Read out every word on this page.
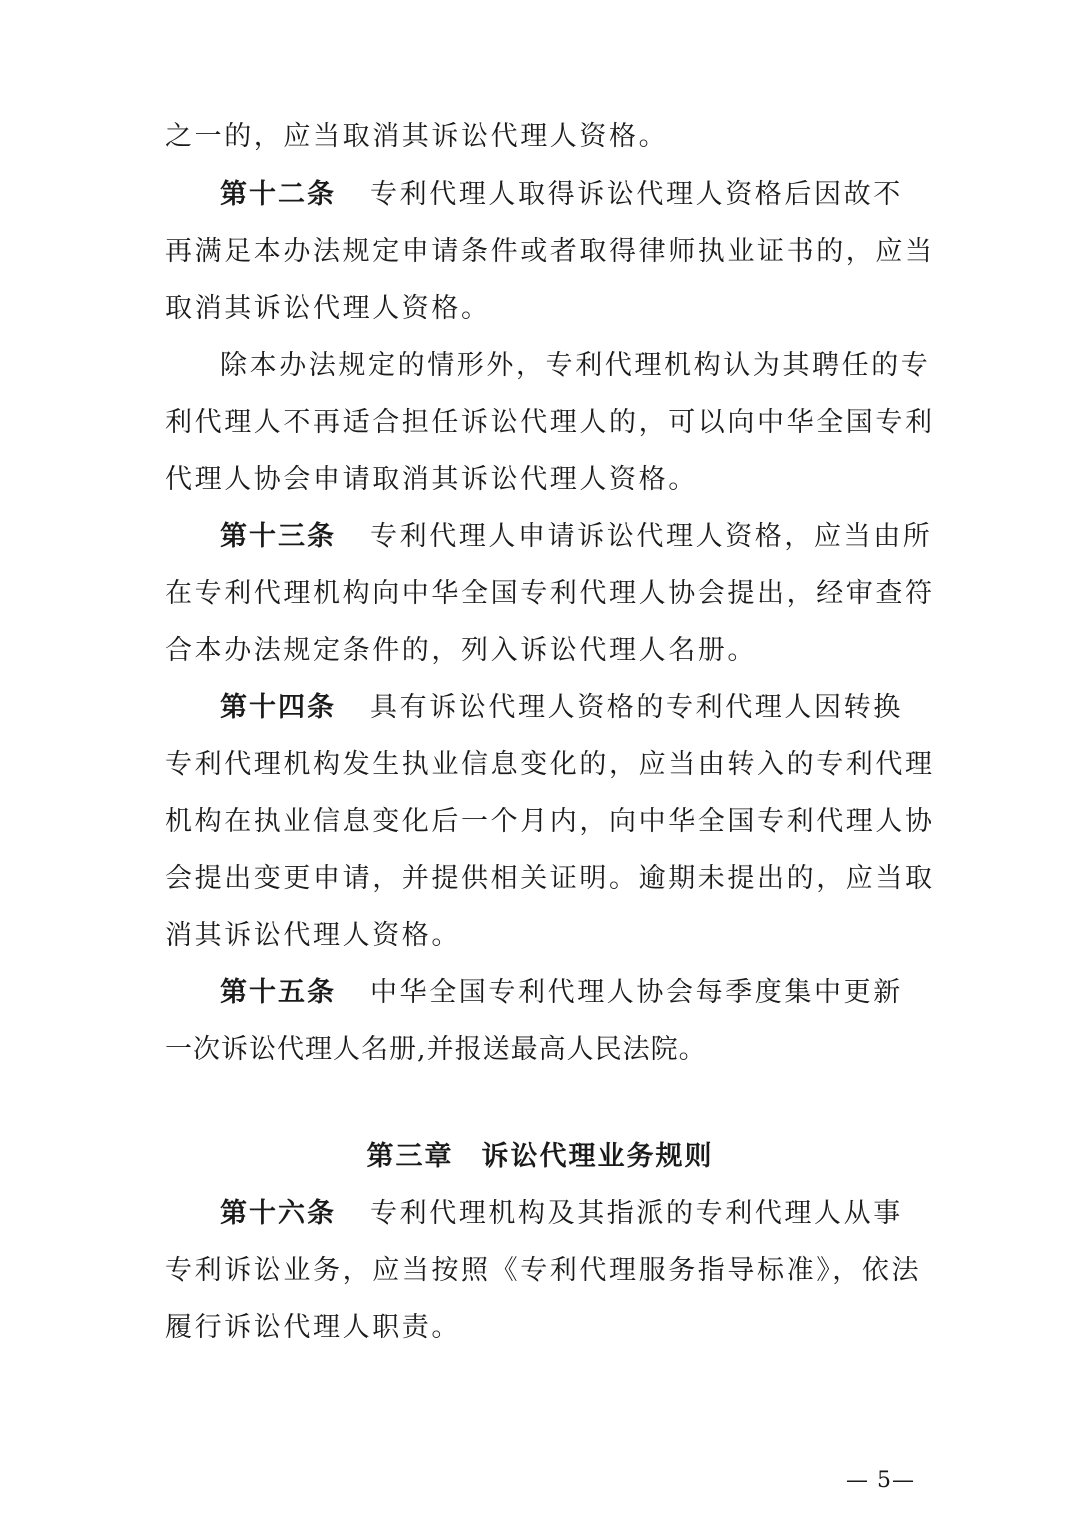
之一的，应当取消其诉讼代理人资格。
第十二条 专利代理人取得诉讼代理人资格后因故不
再满足本办法规定申请条件或者取得律师执业证书的，应当
取消其诉讼代理人资格。
除本办法规定的情形外，专利代理机构认为其聘任的专
利代理人不再适合担任诉讼代理人的，可以向中华全国专利
代理人协会申请取消其诉讼代理人资格。
第十三条 专利代理人申请诉讼代理人资格，应当由所
在专利代理机构向中华全国专利代理人协会提出，经审查符
合本办法规定条件的，列入诉讼代理人名册。
第十四条 具有诉讼代理人资格的专利代理人因转换
专利代理机构发生执业信息变化的，应当由转入的专利代理
机构在执业信息变化后一个月内，向中华全国专利代理人协
会提出变更申请，并提供相关证明。逾期未提出的，应当取
消其诉讼代理人资格。
第十五条 中华全国专利代理人协会每季度集中更新
一次诉讼代理人名册,并报送最高人民法院。
第三章 诉讼代理业务规则
第十六条 专利代理机构及其指派的专利代理人从事
专利诉讼业务，应当按照《专利代理服务指导标准》，依法
履行诉讼代理人职责。
— 5—
